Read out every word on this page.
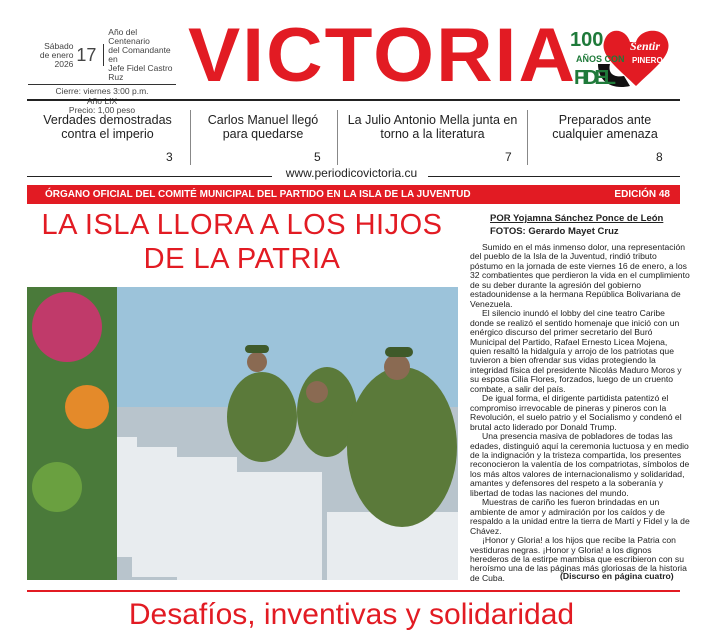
Sábado
de enero 2026 17
Año del Centenario
del Comandante en
Jefe Fidel Castro Ruz
Cierre: viernes 3:00 p.m.
Precio: 1,00 peso
VICTORIA
100
AÑOS CON
FIDEL
Sentir
PINERO
Verdades demostradas contra el imperio
3
Carlos Manuel llegó para quedarse
5
La Julio Antonio Mella junta en torno a la literatura
7
Preparados ante cualquier amenaza
8
www.periodicovictoria.cu
ÓRGANO OFICIAL DEL COMITÉ MUNICIPAL DEL PARTIDO EN LA ISLA DE LA JUVENTUD	EDICIÓN 48
LA ISLA LLORA A LOS HIJOS DE LA PATRIA
POR Yojamna Sánchez Ponce de León
FOTOS: Gerardo Mayet Cruz

Sumido en el más inmenso dolor, una representación del pueblo de la Isla de la Juventud, rindió tributo póstumo en la jornada de este viernes 16 de enero, a los 32 combatientes que perdieron la vida en el cumplimiento de su deber durante la agresión del gobierno estadounidense a la hermana República Bolivariana de Venezuela.

El silencio inundó el lobby del cine teatro Caribe donde se realizó el sentido homenaje que inició con un enérgico discurso del primer secretario del Buró Municipal del Partido, Rafael Ernesto Licea Mojena, quien resaltó la hidalguía y arrojo de los patriotas que tuvieron a bien ofrendar sus vidas protegiendo la integridad física del presidente Nicolás Maduro Moros y su esposa Cilia Flores, forzados, luego de un cruento combate, a salir del país.

De igual forma, el dirigente partidista patentizó el compromiso irrevocable de pineras y pineros con la Revolución, el suelo patrio y el Socialismo y condenó el brutal acto liderado por Donald Trump.

Una presencia masiva de pobladores de todas las edades, distinguió aquí la ceremonia luctuosa y en medio de la indignación y la tristeza compartida, los presentes reconocieron la valentía de los compatriotas, símbolos de los más altos valores de internacionalismo y solidaridad, amantes y defensores del respeto a la soberanía y libertad de todas las naciones del mundo.

Muestras de cariño les fueron brindadas en un ambiente de amor y admiración por los caídos y de respaldo a la unidad entre la tierra de Martí y Fidel y la de Chávez.

¡Honor y Gloria! a los hijos que recibe la Patria con vestiduras negras. ¡Honor y Gloria! a los dignos herederos de la estirpe mambisa que escribieron con su heroísmo una de las páginas más gloriosas de la historia de Cuba.	(Discurso en página cuatro)
Desafíos, inventivas y solidaridad
